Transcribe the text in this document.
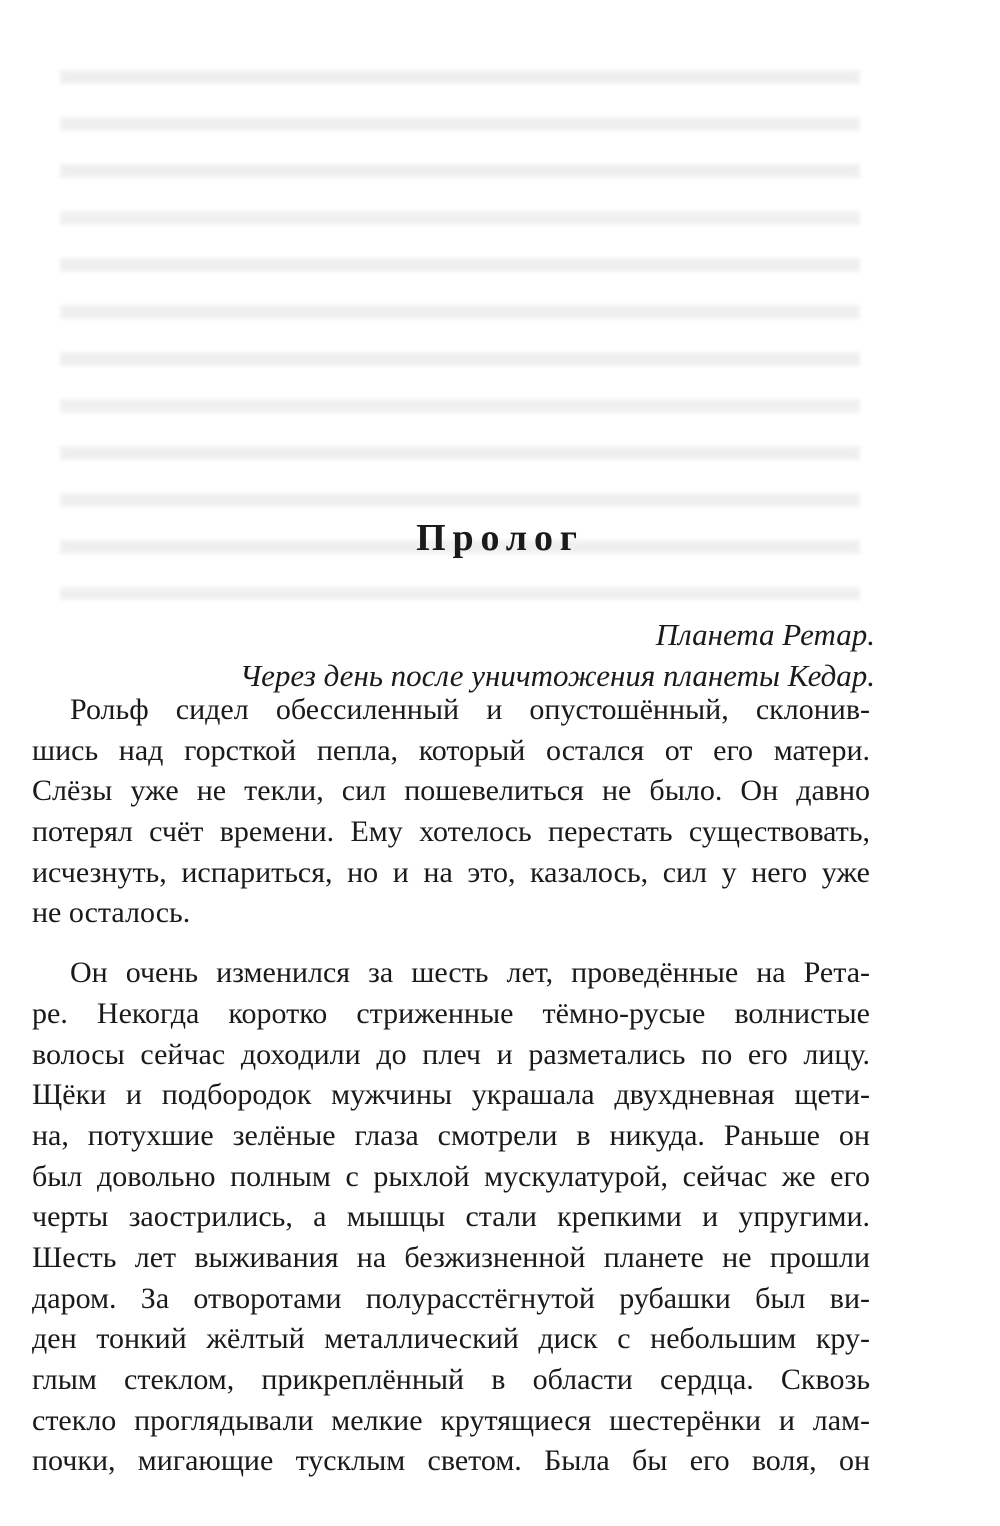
Пролог
Планета Ретар.
Через день после уничтожения планеты Кедар.
Рольф сидел обессиленный и опустошённый, склонив-
шись над горсткой пепла, который остался от его матери.
Слёзы уже не текли, сил пошевелиться не было. Он давно
потерял счёт времени. Ему хотелось перестать существовать,
исчезнуть, испариться, но и на это, казалось, сил у него уже
не осталось.
Он очень изменился за шесть лет, проведённые на Рета-
ре. Некогда коротко стриженные тёмно-русые волнистые
волосы сейчас доходили до плеч и разметались по его лицу.
Щёки и подбородок мужчины украшала двухдневная щети-
на, потухшие зелёные глаза смотрели в никуда. Раньше он
был довольно полным с рыхлой мускулатурой, сейчас же его
черты заострились, а мышцы стали крепкими и упругими.
Шесть лет выживания на безжизненной планете не прошли
даром. За отворотами полурасстёгнутой рубашки был ви-
ден тонкий жёлтый металлический диск с небольшим кру-
глым стеклом, прикреплённый в области сердца. Сквозь
стекло проглядывали мелкие крутящиеся шестерёнки и лам-
почки, мигающие тусклым светом. Была бы его воля, он
